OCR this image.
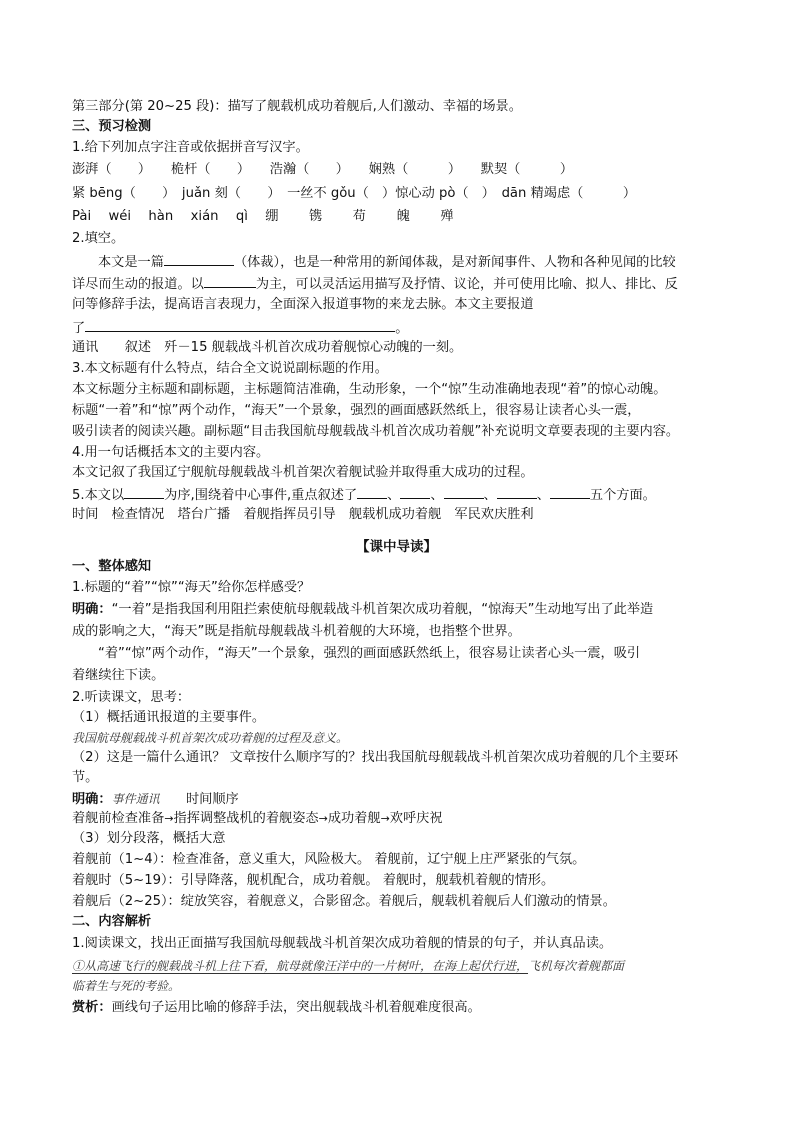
第三部分(第 20~25 段)：描写了舰载机成功着舰后,人们激动、幸福的场景。
三、预习检测
1.给下列加点字注音或依据拼音写汉字。
澎湃（　　）　　桅杆（　　）　　浩瀚（　　）　　娴熟（　　　）　　默契（　　　）
紧 bēng（　　）　juǎn 刻（　　）　一丝不 gǒu（　）惊心动 pò（　）　dān 精竭虑（　　　）
Pài　 wéi　 hàn　 xián　 qì　 绷　　 镌　　 苟　　 魄　　 殚
2.填空。
本文是一篇	（体裁），也是一种常用的新闻体裁，是对新闻事件、人物和各种见闻的比较
详尽而生动的报道。以	为主，可以灵活运用描写及抒情、议论，并可使用比喻、拟人、排比、反
问等修辞手法，提高语言表现力，全面深入报道事物的来龙去脉。本文主要报道
了	。
通讯　　叙述　歼－15 舰载战斗机首次成功着舰惊心动魄的一刻。
3.本文标题有什么特点，结合全文说说副标题的作用。
本文标题分主标题和副标题，主标题简洁准确，生动形象，一个“惊”生动准确地表现“着”的惊心动魄。
标题“一着”和“惊”两个动作，“海天”一个景象，强烈的画面感跃然纸上，很容易让读者心头一震，
吸引读者的阅读兴趣。副标题“目击我国航母舰载战斗机首次成功着舰”补充说明文章要表现的主要内容。
4.用一句话概括本文的主要内容。
本文记叙了我国辽宁舰航母舰载战斗机首架次着舰试验并取得重大成功的过程。
5.本文以	为序,围绕着中心事件,重点叙述了 、 、	、	、	五个方面。
时间　检查情况　塔台广播　着舰指挥员引导　舰载机成功着舰　军民欢庆胜利
【课中导读】
一、整体感知
1.标题的“着”“惊”“海天”给你怎样感受？
明确：“一着”是指我国利用阻拦索使航母舰载战斗机首架次成功着舰，“惊海天”生动地写出了此举造
成的影响之大，“海天”既是指航母舰载战斗机着舰的大环境，也指整个世界。
“着”“惊”两个动作，“海天”一个景象，强烈的画面感跃然纸上，很容易让读者心头一震，吸引
着继续往下读。
2.听读课文，思考：
（1）概括通讯报道的主要事件。
我国航母舰载战斗机首架次成功着舰的过程及意义。
（2）这是一篇什么通讯？ 文章按什么顺序写的？找出我国航母舰载战斗机首架次成功着舰的几个主要环
节。
明确：事件通讯　　 时间顺序
着舰前检查准备→指挥调整战机的着舰姿态→成功着舰→欢呼庆祝
（3）划分段落，概括大意
着舰前（1~4）：检查准备，意义重大，风险极大。 着舰前，辽宁舰上庄严紧张的气氛。
着舰时（5~19）：引导降落，舰机配合，成功着舰。 着舰时，舰载机着舰的情形。
着舰后（2~25）：绽放笑容，着舰意义，合影留念。着舰后，舰载机着舰后人们激动的情景。
二、内容解析
1.阅读课文，找出正面描写我国航母舰载战斗机首架次成功着舰的情景的句子，并认真品读。
①从高速飞行的舰载战斗机上往下看，航母就像汪洋中的一片树叶，在海上起伏行进，飞机每次着舰都面
临着生与死的考验。
赏析：画线句子运用比喻的修辞手法，突出舰载战斗机着舰难度很高。
